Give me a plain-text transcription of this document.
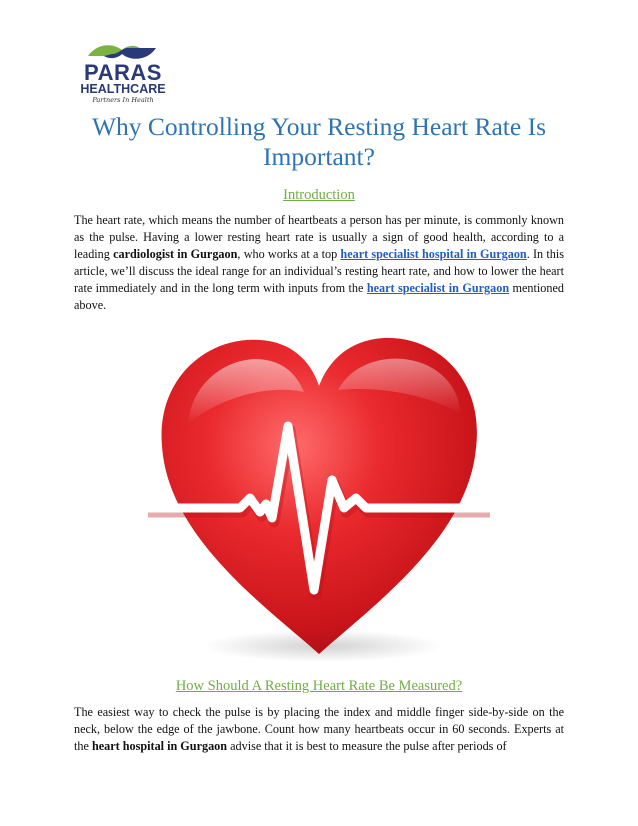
PARAS
HEALTHCARE
Partners In Health
Why Controlling Your Resting Heart Rate Is Important?
Introduction

The heart rate, which means the number of heartbeats a person has per minute, is commonly known as the pulse. Having a lower resting heart rate is usually a sign of good health, according to a leading cardiologist in Gurgaon, who works at a top heart specialist hospital in Gurgaon. In this article, we’ll discuss the ideal range for an individual’s resting heart rate, and how to lower the heart rate immediately and in the long term with inputs from the heart specialist in Gurgaon mentioned above.

How Should A Resting Heart Rate Be Measured?

The easiest way to check the pulse is by placing the index and middle finger side-by-side on the neck, below the edge of the jawbone. Count how many heartbeats occur in 60 seconds. Experts at the heart hospital in Gurgaon advise that it is best to measure the pulse after periods of
